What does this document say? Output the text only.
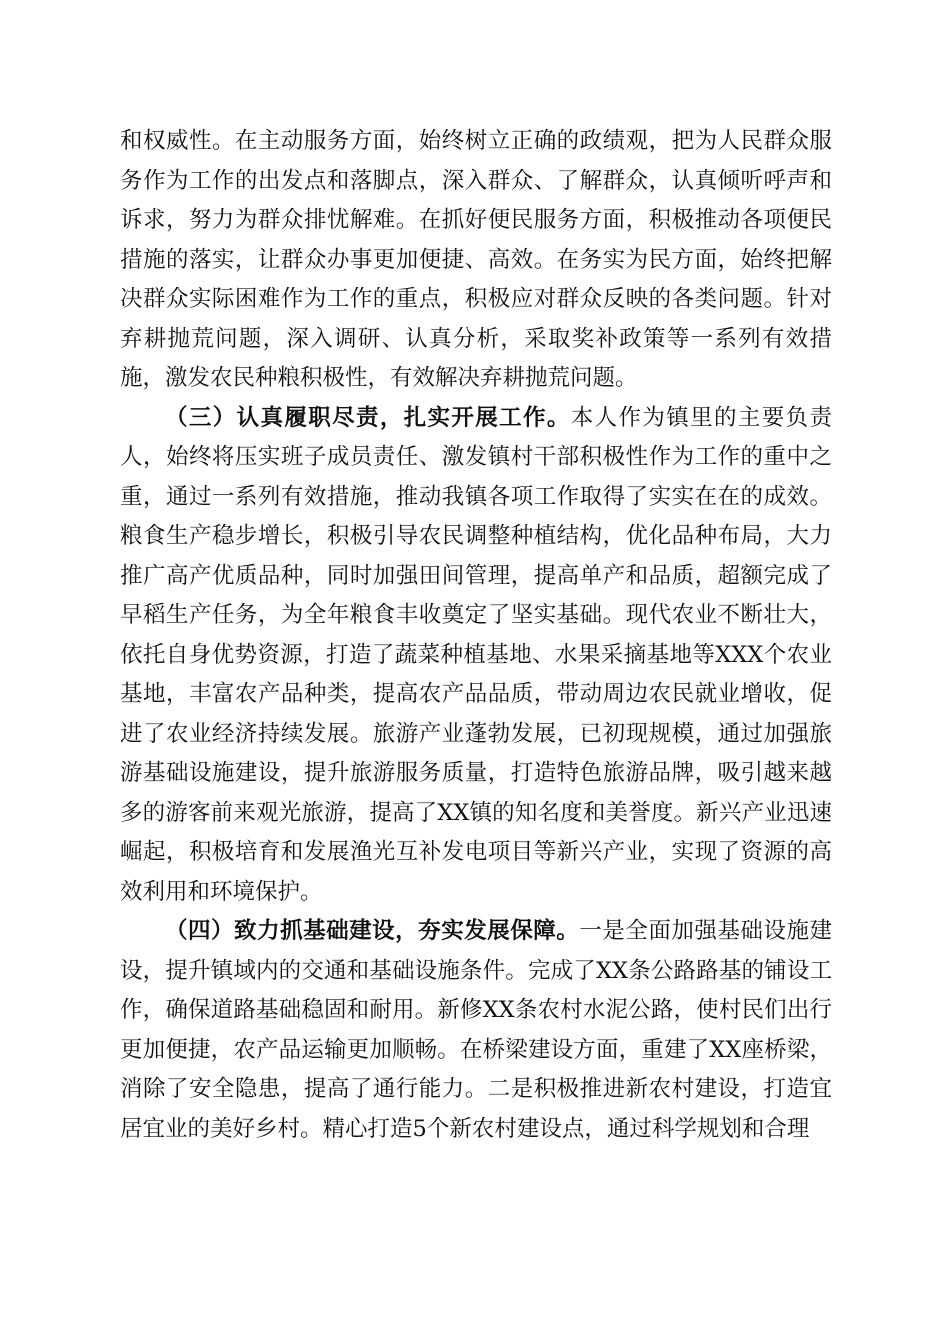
和权威性。在主动服务方面，始终树立正确的政绩观，把为人民群众服务作为工作的出发点和落脚点，深入群众、了解群众，认真倾听呼声和诉求，努力为群众排忧解难。在抓好便民服务方面，积极推动各项便民措施的落实，让群众办事更加便捷、高效。在务实为民方面，始终把解决群众实际困难作为工作的重点，积极应对群众反映的各类问题。针对弃耕抛荒问题，深入调研、认真分析，采取奖补政策等一系列有效措施，激发农民种粮积极性，有效解决弃耕抛荒问题。

（三）认真履职尽责，扎实开展工作。本人作为镇里的主要负责人，始终将压实班子成员责任、激发镇村干部积极性作为工作的重中之重，通过一系列有效措施，推动我镇各项工作取得了实实在在的成效。粮食生产稳步增长，积极引导农民调整种植结构，优化品种布局，大力推广高产优质品种，同时加强田间管理，提高单产和品质，超额完成了早稻生产任务，为全年粮食丰收奠定了坚实基础。现代农业不断壮大，依托自身优势资源，打造了蔬菜种植基地、水果采摘基地等XXX个农业基地，丰富农产品种类，提高农产品品质，带动周边农民就业增收，促进了农业经济持续发展。旅游产业蓬勃发展，已初现规模，通过加强旅游基础设施建设，提升旅游服务质量，打造特色旅游品牌，吸引越来越多的游客前来观光旅游，提高了XX镇的知名度和美誉度。新兴产业迅速崛起，积极培育和发展渔光互补发电项目等新兴产业，实现了资源的高效利用和环境保护。

（四）致力抓基础建设，夯实发展保障。一是全面加强基础设施建设，提升镇域内的交通和基础设施条件。完成了XX条公路路基的铺设工作，确保道路基础稳固和耐用。新修XX条农村水泥公路，使村民们出行更加便捷，农产品运输更加顺畅。在桥梁建设方面，重建了XX座桥梁，消除了安全隐患，提高了通行能力。二是积极推进新农村建设，打造宜居宜业的美好乡村。精心打造5个新农村建设点，通过科学规划和合理
